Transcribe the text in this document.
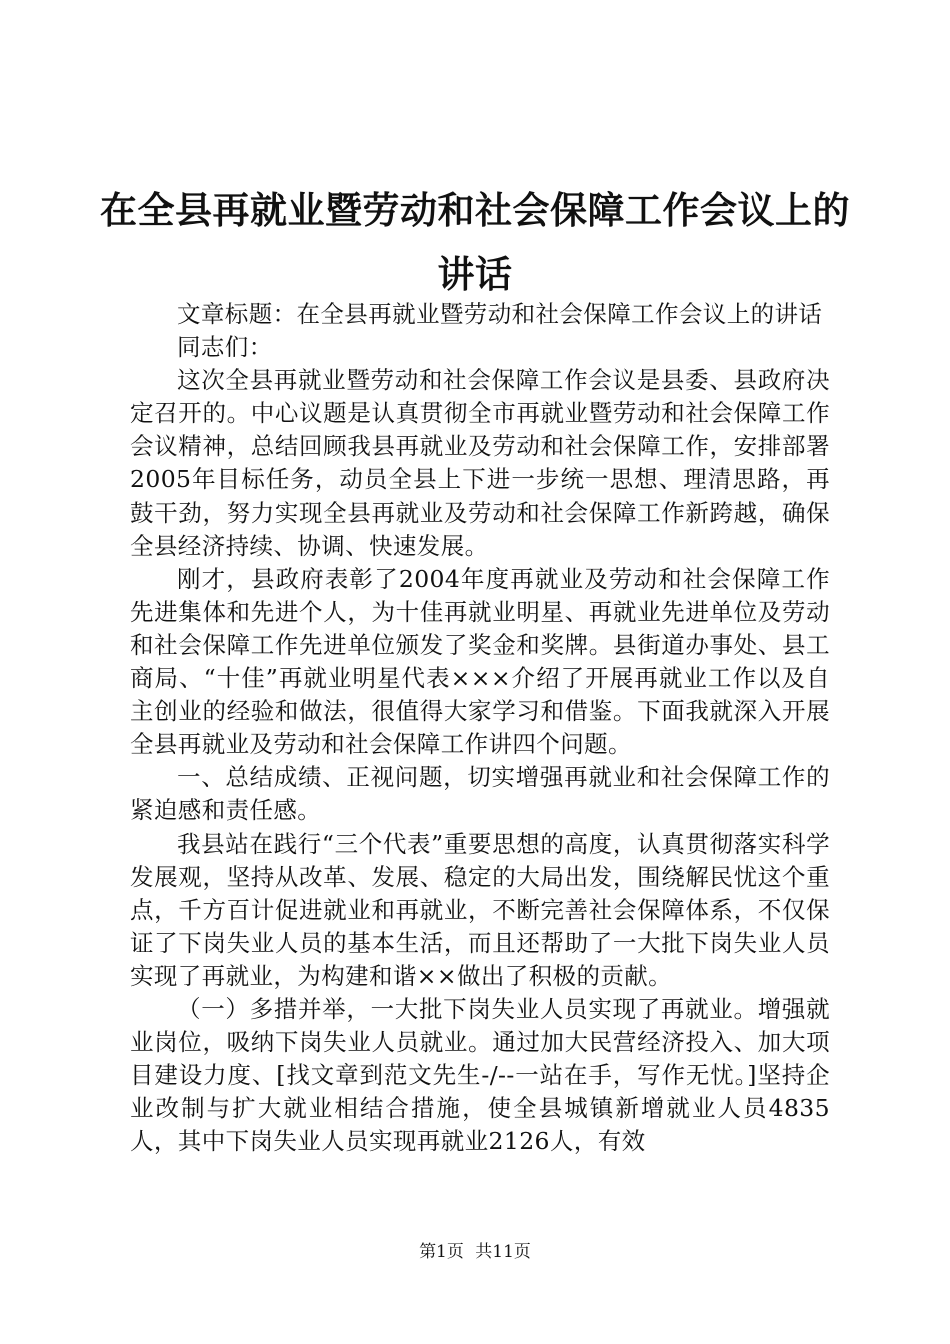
在全县再就业暨劳动和社会保障工作会议上的讲话

文章标题：在全县再就业暨劳动和社会保障工作会议上的讲话

同志们：

这次全县再就业暨劳动和社会保障工作会议是县委、县政府决定召开的。中心议题是认真贯彻全市再就业暨劳动和社会保障工作会议精神，总结回顾我县再就业及劳动和社会保障工作，安排部署2005年目标任务，动员全县上下进一步统一思想、理清思路，再鼓干劲，努力实现全县再就业及劳动和社会保障工作新跨越，确保全县经济持续、协调、快速发展。

刚才，县政府表彰了2004年度再就业及劳动和社会保障工作先进集体和先进个人，为十佳再就业明星、再就业先进单位及劳动和社会保障工作先进单位颁发了奖金和奖牌。县街道办事处、县工商局、“十佳”再就业明星代表×××介绍了开展再就业工作以及自主创业的经验和做法，很值得大家学习和借鉴。下面我就深入开展全县再就业及劳动和社会保障工作讲四个问题。

一、总结成绩、正视问题，切实增强再就业和社会保障工作的紧迫感和责任感。

我县站在践行“三个代表”重要思想的高度，认真贯彻落实科学发展观，坚持从改革、发展、稳定的大局出发，围绕解民忧这个重点，千方百计促进就业和再就业，不断完善社会保障体系，不仅保证了下岗失业人员的基本生活，而且还帮助了一大批下岗失业人员实现了再就业，为构建和谐××做出了积极的贡献。

（一）多措并举，一大批下岗失业人员实现了再就业。增强就业岗位，吸纳下岗失业人员就业。通过加大民营经济投入、加大项目建设力度、[找文章到范文先生-/--一站在手，写作无忧。]坚持企业改制与扩大就业相结合措施，使全县城镇新增就业人员4835人，其中下岗失业人员实现再就业2126人，有效

第1页 共11页
